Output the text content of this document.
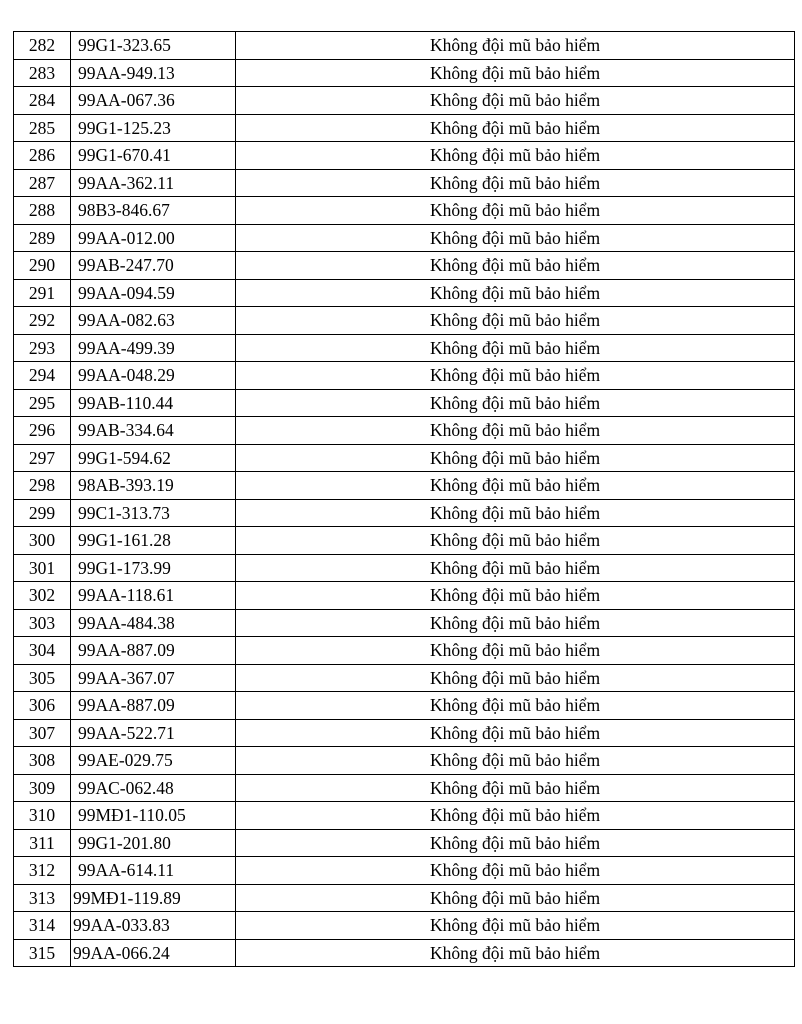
282	99G1-323.65	Không đội mũ bảo hiểm
283	99AA-949.13	Không đội mũ bảo hiểm
284	99AA-067.36	Không đội mũ bảo hiểm
285	99G1-125.23	Không đội mũ bảo hiểm
286	99G1-670.41	Không đội mũ bảo hiểm
287	99AA-362.11	Không đội mũ bảo hiểm
288	98B3-846.67	Không đội mũ bảo hiểm
289	99AA-012.00	Không đội mũ bảo hiểm
290	99AB-247.70	Không đội mũ bảo hiểm
291	99AA-094.59	Không đội mũ bảo hiểm
292	99AA-082.63	Không đội mũ bảo hiểm
293	99AA-499.39	Không đội mũ bảo hiểm
294	99AA-048.29	Không đội mũ bảo hiểm
295	99AB-110.44	Không đội mũ bảo hiểm
296	99AB-334.64	Không đội mũ bảo hiểm
297	99G1-594.62	Không đội mũ bảo hiểm
298	98AB-393.19	Không đội mũ bảo hiểm
299	99C1-313.73	Không đội mũ bảo hiểm
300	99G1-161.28	Không đội mũ bảo hiểm
301	99G1-173.99	Không đội mũ bảo hiểm
302	99AA-118.61	Không đội mũ bảo hiểm
303	99AA-484.38	Không đội mũ bảo hiểm
304	99AA-887.09	Không đội mũ bảo hiểm
305	99AA-367.07	Không đội mũ bảo hiểm
306	99AA-887.09	Không đội mũ bảo hiểm
307	99AA-522.71	Không đội mũ bảo hiểm
308	99AE-029.75	Không đội mũ bảo hiểm
309	99AC-062.48	Không đội mũ bảo hiểm
310	99MĐ1-110.05	Không đội mũ bảo hiểm
311	99G1-201.80	Không đội mũ bảo hiểm
312	99AA-614.11	Không đội mũ bảo hiểm
313	99MĐ1-119.89	Không đội mũ bảo hiểm
314	99AA-033.83	Không đội mũ bảo hiểm
315	99AA-066.24	Không đội mũ bảo hiểm
